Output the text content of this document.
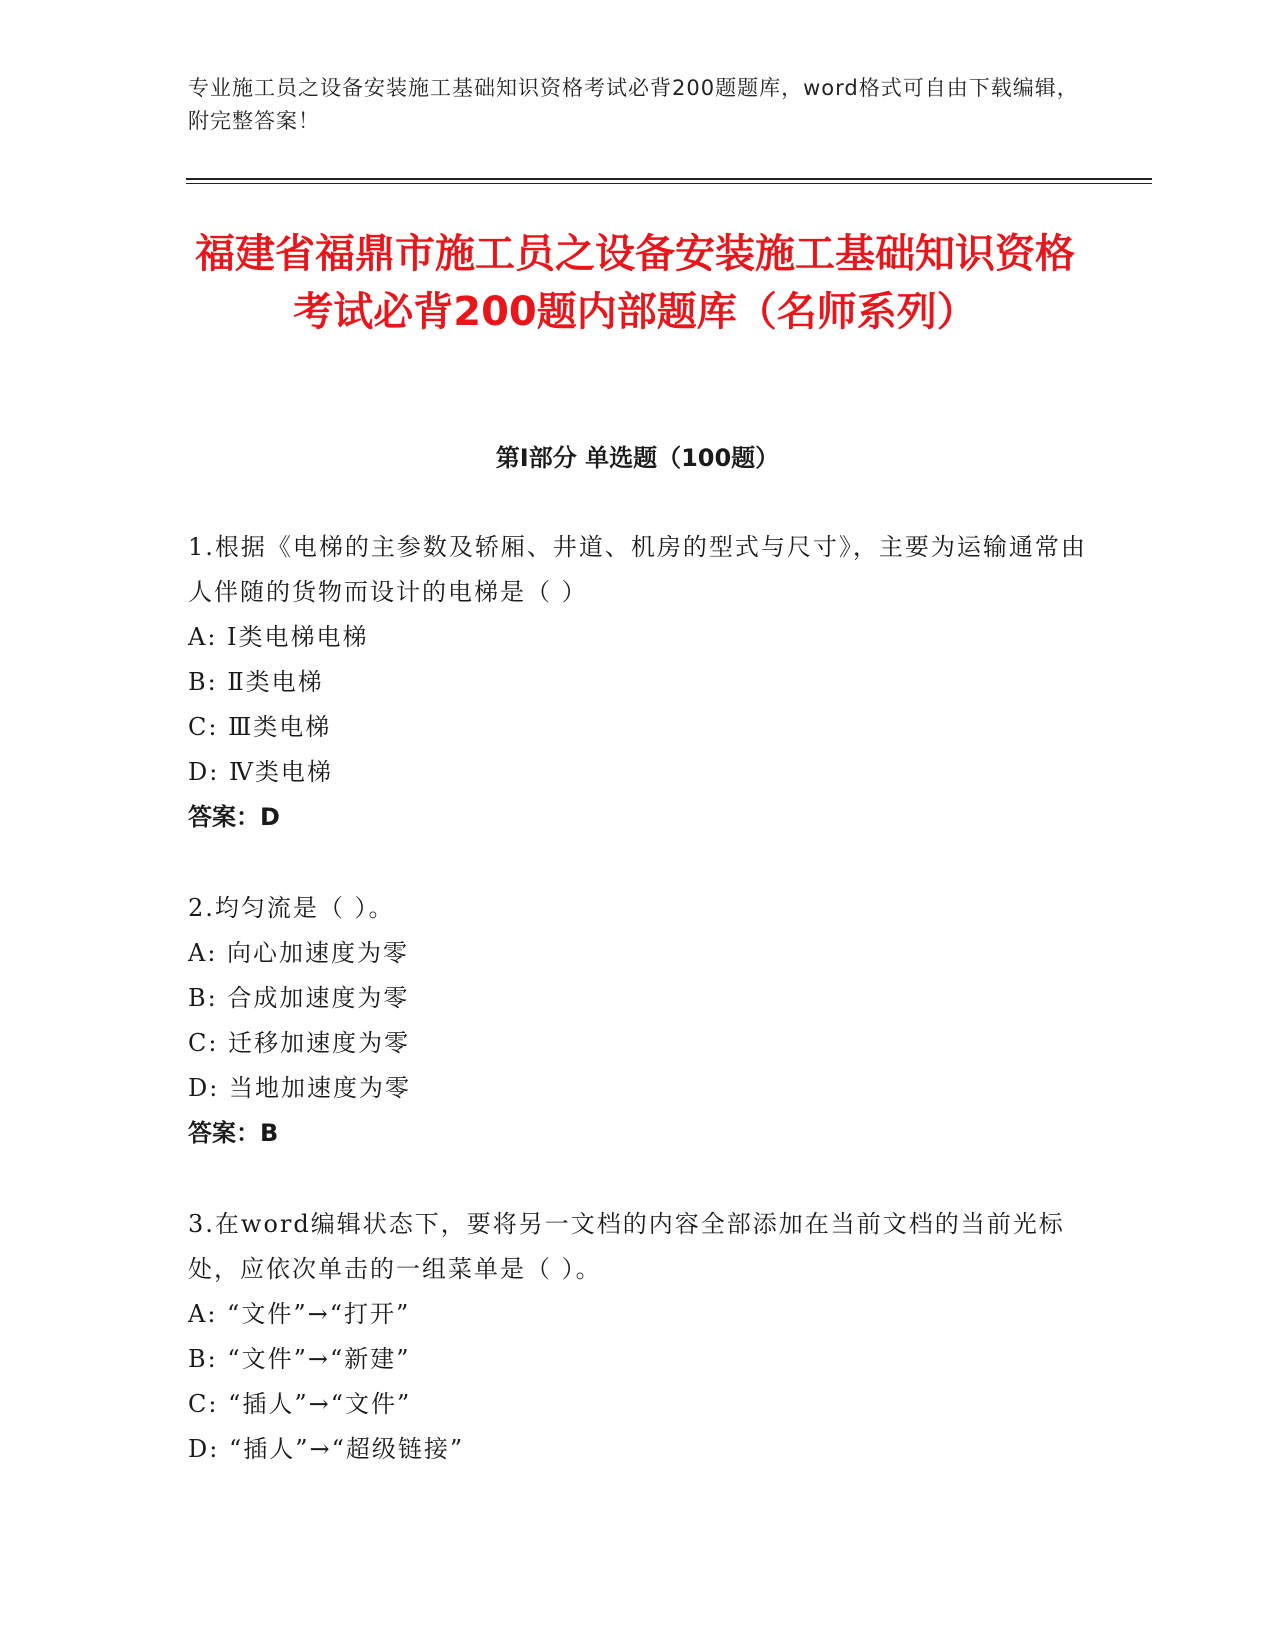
专业施工员之设备安装施工基础知识资格考试必背200题题库，word格式可自由下载编辑，附完整答案！
福建省福鼎市施工员之设备安装施工基础知识资格考试必背200题内部题库（名师系列）
第I部分 单选题（100题）
1.根据《电梯的主参数及轿厢、井道、机房的型式与尺寸》，主要为运输通常由人伴随的货物而设计的电梯是（ ）
A: Ⅰ类电梯电梯
B: Ⅱ类电梯
C: Ⅲ类电梯
D: Ⅳ类电梯
答案：D
2.均匀流是（ ）。
A: 向心加速度为零
B: 合成加速度为零
C: 迁移加速度为零
D: 当地加速度为零
答案：B
3.在word编辑状态下，要将另一文档的内容全部添加在当前文档的当前光标处，应依次单击的一组菜单是（ ）。
A: “文件”→“打开”
B: “文件”→“新建”
C: “插人”→“文件”
D: “插人”→“超级链接”
